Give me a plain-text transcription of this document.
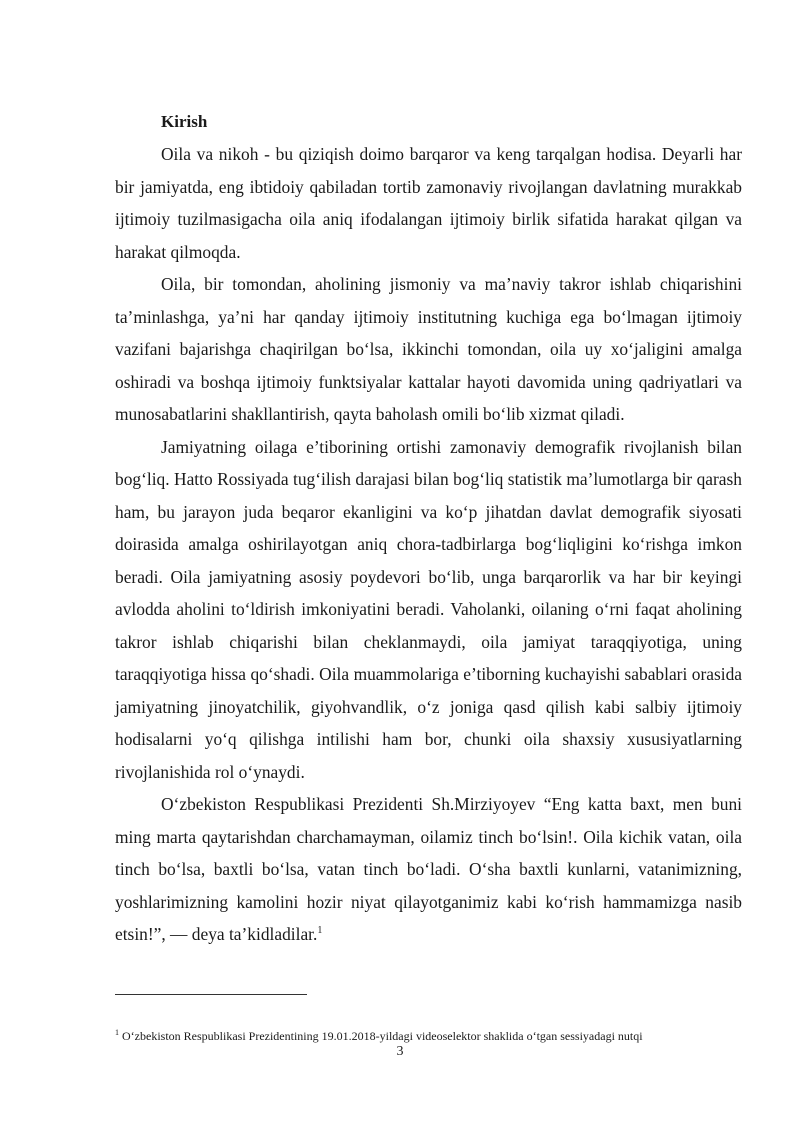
Kirish

Oila va nikoh - bu qiziqish doimo barqaror va keng tarqalgan hodisa. Deyarli har bir jamiyatda, eng ibtidoiy qabiladan tortib zamonaviy rivojlangan davlatning murakkab ijtimoiy tuzilmasigacha oila aniq ifodalangan ijtimoiy birlik sifatida harakat qilgan va harakat qilmoqda.

Oila, bir tomondan, aholining jismoniy va ma’naviy takror ishlab chiqarishini ta’minlashga, ya’ni har qanday ijtimoiy institutning kuchiga ega bo‘lmagan ijtimoiy vazifani bajarishga chaqirilgan bo‘lsa, ikkinchi tomondan, oila uy xo‘jaligini amalga oshiradi va boshqa ijtimoiy funktsiyalar kattalar hayoti davomida uning qadriyatlari va munosabatlarini shakllantirish, qayta baholash omili bo‘lib xizmat qiladi.

Jamiyatning oilaga e’tiborining ortishi zamonaviy demografik rivojlanish bilan bog‘liq. Hatto Rossiyada tug‘ilish darajasi bilan bog‘liq statistik ma’lumotlarga bir qarash ham, bu jarayon juda beqaror ekanligini va ko‘p jihatdan davlat demografik siyosati doirasida amalga oshirilayotgan aniq chora-tadbirlarga bog‘liqligini ko‘rishga imkon beradi. Oila jamiyatning asosiy poydevori bo‘lib, unga barqarorlik va har bir keyingi avlodda aholini to‘ldirish imkoniyatini beradi. Vaholanki, oilaning o‘rni faqat aholining takror ishlab chiqarishi bilan cheklanmaydi, oila jamiyat taraqqiyotiga, uning taraqqiyotiga hissa qo‘shadi. Oila muammolariga e’tiborning kuchayishi sabablari orasida jamiyatning jinoyatchilik, giyohvandlik, o‘z joniga qasd qilish kabi salbiy ijtimoiy hodisalarni yo‘q qilishga intilishi ham bor, chunki oila shaxsiy xususiyatlarning rivojlanishida rol o‘ynaydi.

O‘zbekiston Respublikasi Prezidenti Sh.Mirziyoyev “Eng katta baxt, men buni ming marta qaytarishdan charchamayman, oilamiz tinch bo‘lsin!. Oila kichik vatan, oila tinch bo‘lsa, baxtli bo‘lsa, vatan tinch bo‘ladi. O‘sha baxtli kunlarni, vatanimizning, yoshlarimizning kamolini hozir niyat qilayotganimiz kabi ko‘rish hammamizga nasib etsin!”, — deya ta’kidladilar.$^1$

$^1$ O‘zbekiston Respublikasi Prezidentining 19.01.2018-yildagi videoselektor shaklida o‘tgan sessiyadagi nutqi

3
